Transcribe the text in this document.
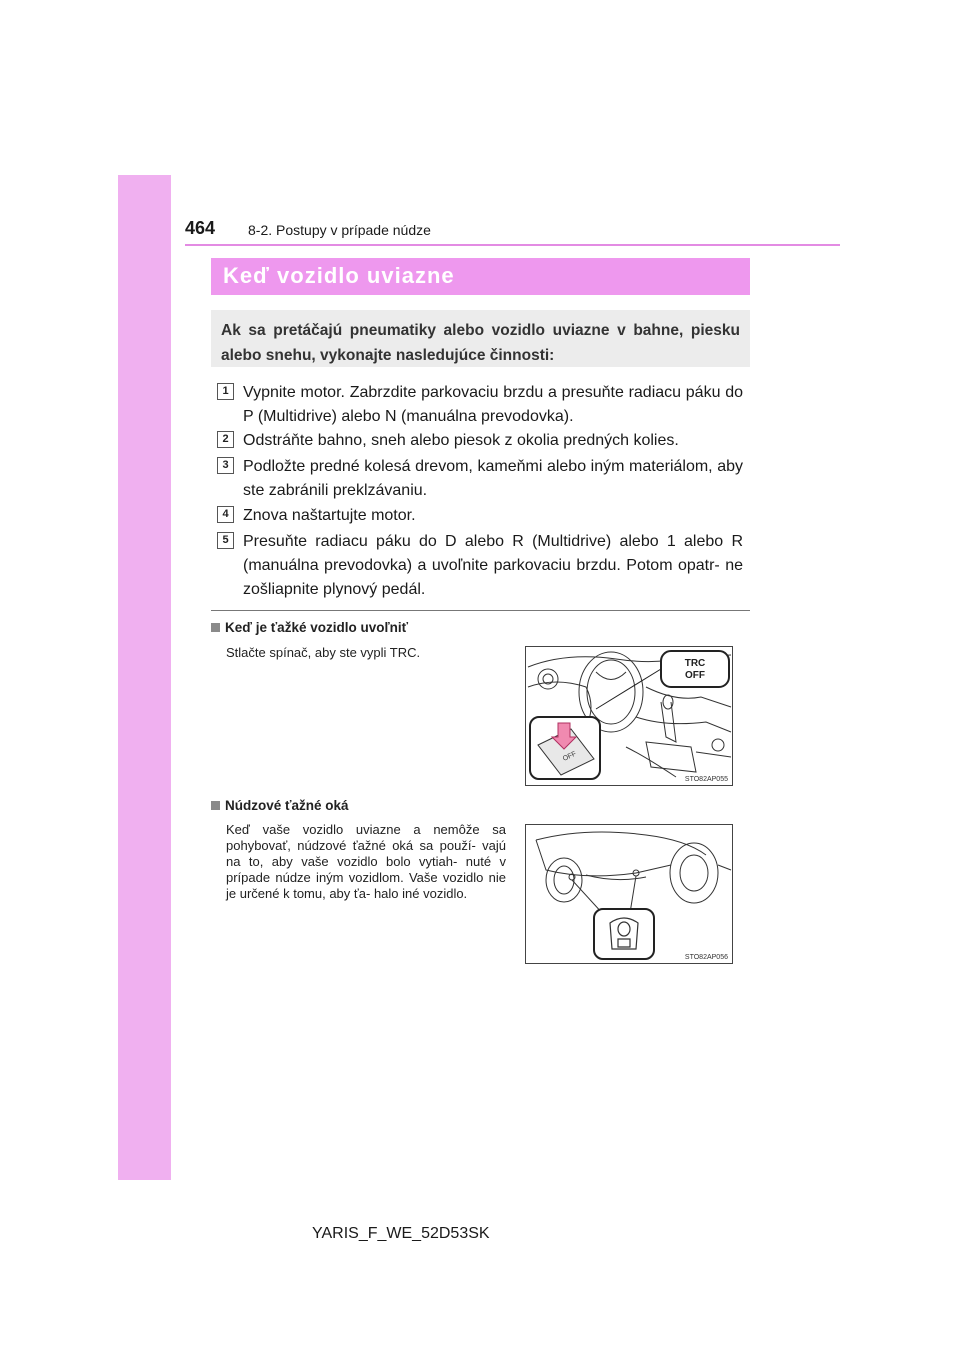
464 8-2. Postupy v prípade núdze
Keď vozidlo uviazne

Ak sa pretáčajú pneumatiky alebo vozidlo uviazne v bahne, piesku alebo snehu, vykonajte nasledujúce činnosti:

1 Vypnite motor. Zabrzdite parkovaciu brzdu a presuňte radiacu páku do P (Multidrive) alebo N (manuálna prevodovka).
2 Odstráňte bahno, sneh alebo piesok z okolia predných kolies.
3 Podložte predné kolesá drevom, kameňmi alebo iným materiálom, aby ste zabránili preklzávaniu.
4 Znova naštartujte motor.
5 Presuňte radiacu páku do D alebo R (Multidrive) alebo 1 alebo R (manuálna prevodovka) a uvoľnite parkovaciu brzdu. Potom opatr- ne zošliapnite plynový pedál.
Keď je ťažké vozidlo uvoľniť
Stlačte spínač, aby ste vypli TRC.
TRC
OFF
OFF
STO82AP055
Núdzové ťažné oká
Keď vaše vozidlo uviazne a nemôže sa pohybovať, núdzové ťažné oká sa použí- vajú na to, aby vaše vozidlo bolo vytiah- nuté v prípade núdze iným vozidlom. Vaše vozidlo nie je určené k tomu, aby ťa- halo iné vozidlo.
STO82AP056
YARIS_F_WE_52D53SK
